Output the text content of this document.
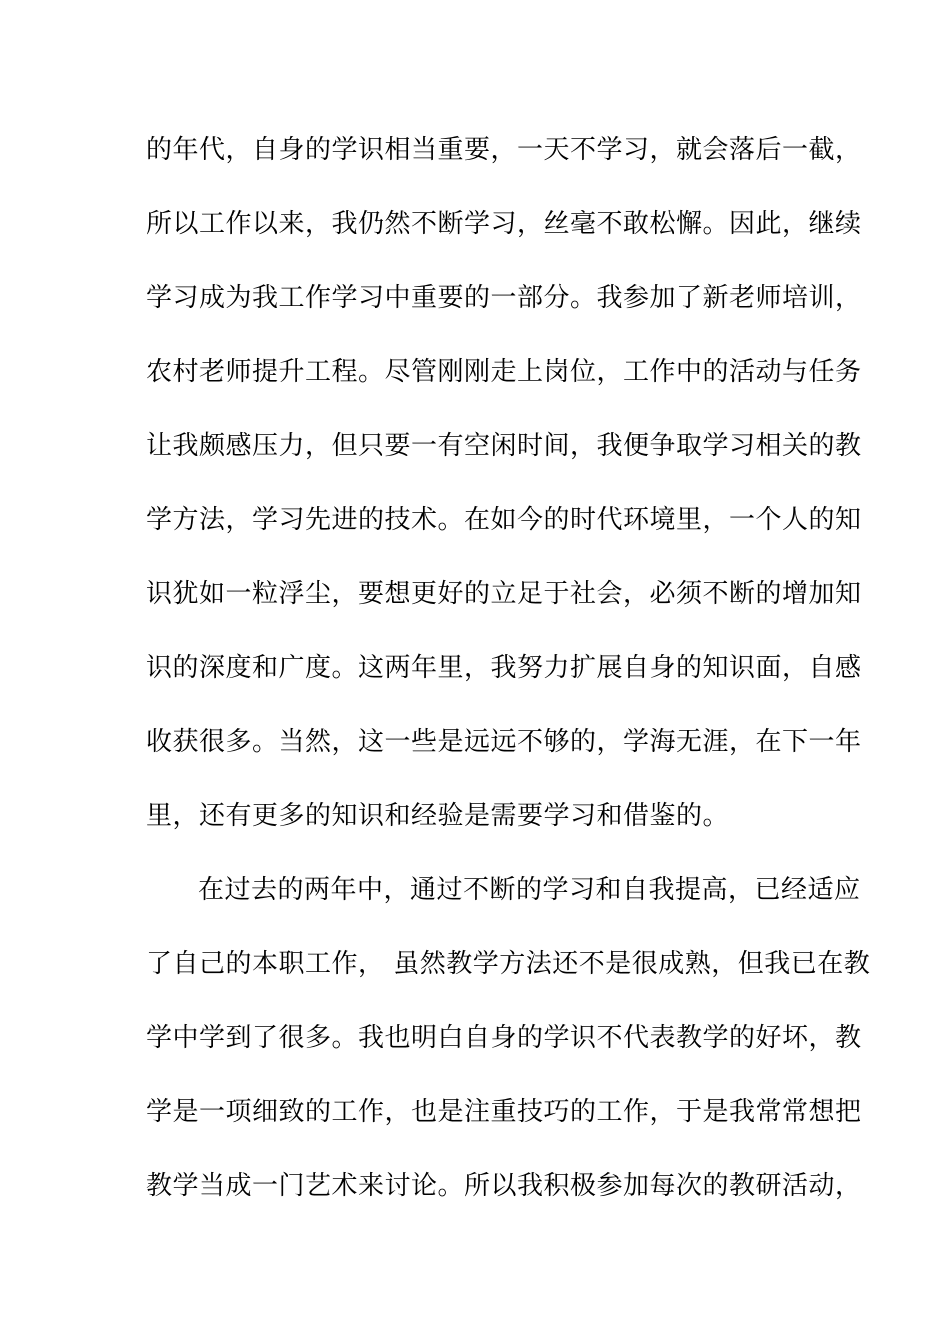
的年代，自身的学识相当重要，一天不学习，就会落后一截，
所以工作以来，我仍然不断学习，丝毫不敢松懈。因此，继续
学习成为我工作学习中重要的一部分。我参加了新老师培训，
农村老师提升工程。尽管刚刚走上岗位，工作中的活动与任务
让我颇感压力，但只要一有空闲时间，我便争取学习相关的教
学方法，学习先进的技术。在如今的时代环境里，一个人的知
识犹如一粒浮尘，要想更好的立足于社会，必须不断的增加知
识的深度和广度。这两年里，我努力扩展自身的知识面，自感
收获很多。当然，这一些是远远不够的，学海无涯，在下一年
里，还有更多的知识和经验是需要学习和借鉴的。
在过去的两年中，通过不断的学习和自我提高，已经适应
了自己的本职工作， 虽然教学方法还不是很成熟，但我已在教
学中学到了很多。我也明白自身的学识不代表教学的好坏，教
学是一项细致的工作，也是注重技巧的工作，于是我常常想把
教学当成一门艺术来讨论。所以我积极参加每次的教研活动，
